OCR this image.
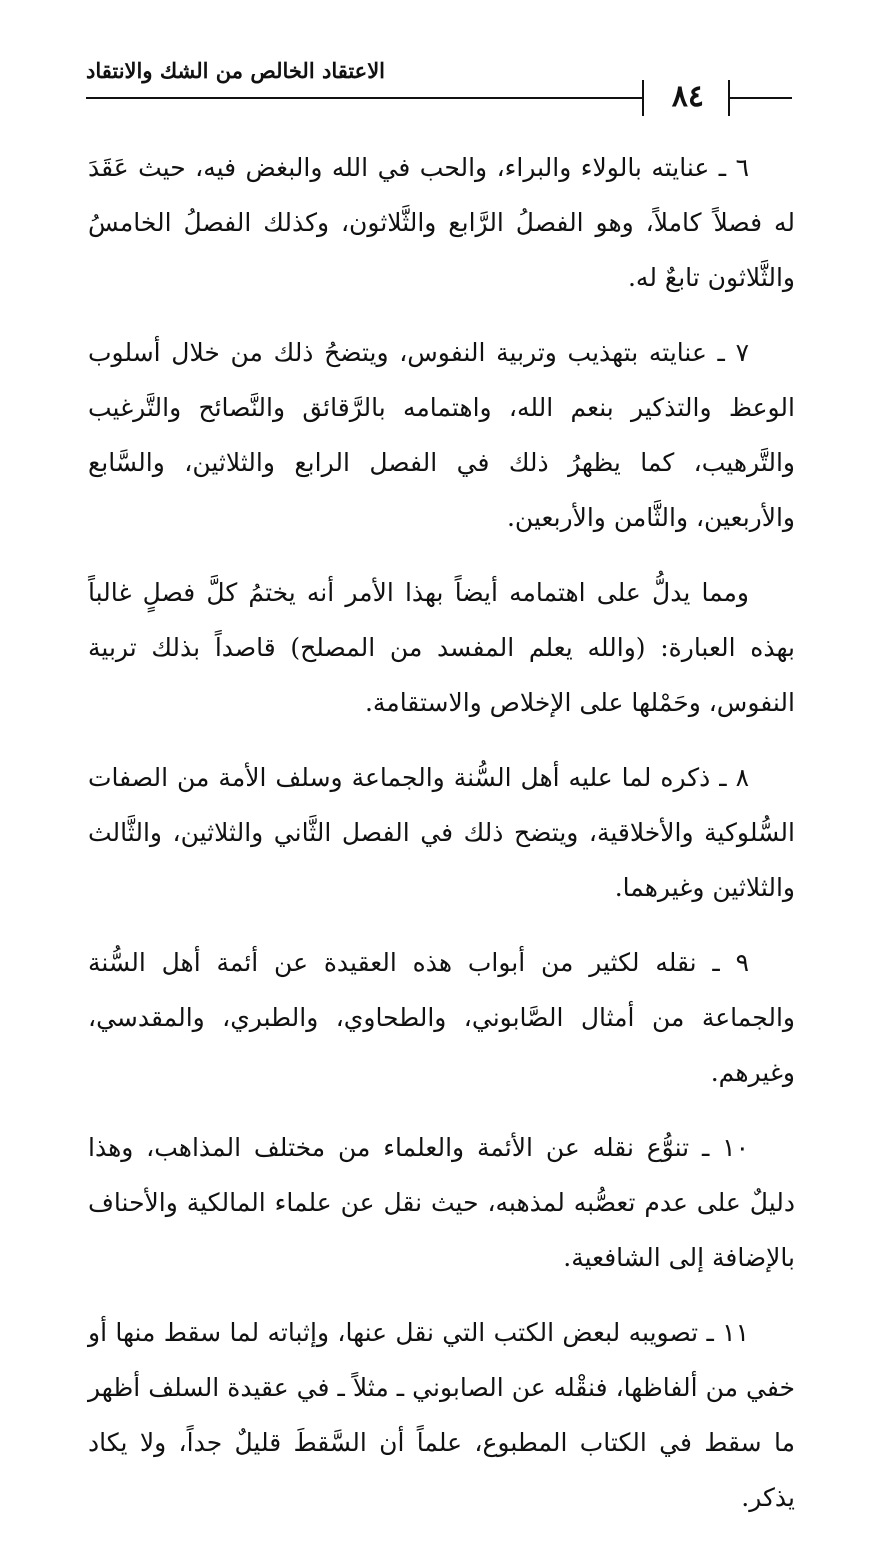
٨٤
الاعتقاد الخالص من الشك والانتقاد

٦ ـ عنايته بالولاء والبراء، والحب في الله والبغض فيه، حيث عَقَدَ له فصلاً كاملاً، وهو الفصلُ الرَّابع والثَّلاثون، وكذلك الفصلُ الخامسُ والثَّلاثون تابعٌ له.

٧ ـ عنايته بتهذيب وتربية النفوس، ويتضحُ ذلك من خلال أسلوب الوعظ والتذكير بنعم الله، واهتمامه بالرَّقائق والنَّصائح والتَّرغيب والتَّرهيب، كما يظهرُ ذلك في الفصل الرابع والثلاثين، والسَّابع والأربعين، والثَّامن والأربعين.

ومما يدلُّ على اهتمامه أيضاً بهذا الأمر أنه يختمُ كلَّ فصلٍ غالباً بهذه العبارة: (والله يعلم المفسد من المصلح) قاصداً بذلك تربية النفوس، وحَمْلها على الإخلاص والاستقامة.

٨ ـ ذكره لما عليه أهل السُّنة والجماعة وسلف الأمة من الصفات السُّلوكية والأخلاقية، ويتضح ذلك في الفصل الثَّاني والثلاثين، والثَّالث والثلاثين وغيرهما.

٩ ـ نقله لكثير من أبواب هذه العقيدة عن أئمة أهل السُّنة والجماعة من أمثال الصَّابوني، والطحاوي، والطبري، والمقدسي، وغيرهم.

١٠ ـ تنوُّع نقله عن الأئمة والعلماء من مختلف المذاهب، وهذا دليلٌ على عدم تعصُّبه لمذهبه، حيث نقل عن علماء المالكية والأحناف بالإضافة إلى الشافعية.

١١ ـ تصويبه لبعض الكتب التي نقل عنها، وإثباته لما سقط منها أو خفي من ألفاظها، فنقْله عن الصابوني ـ مثلاً ـ في عقيدة السلف أظهر ما سقط في الكتاب المطبوع، علماً أن السَّقطَ قليلٌ جداً، ولا يكاد يذكر.
